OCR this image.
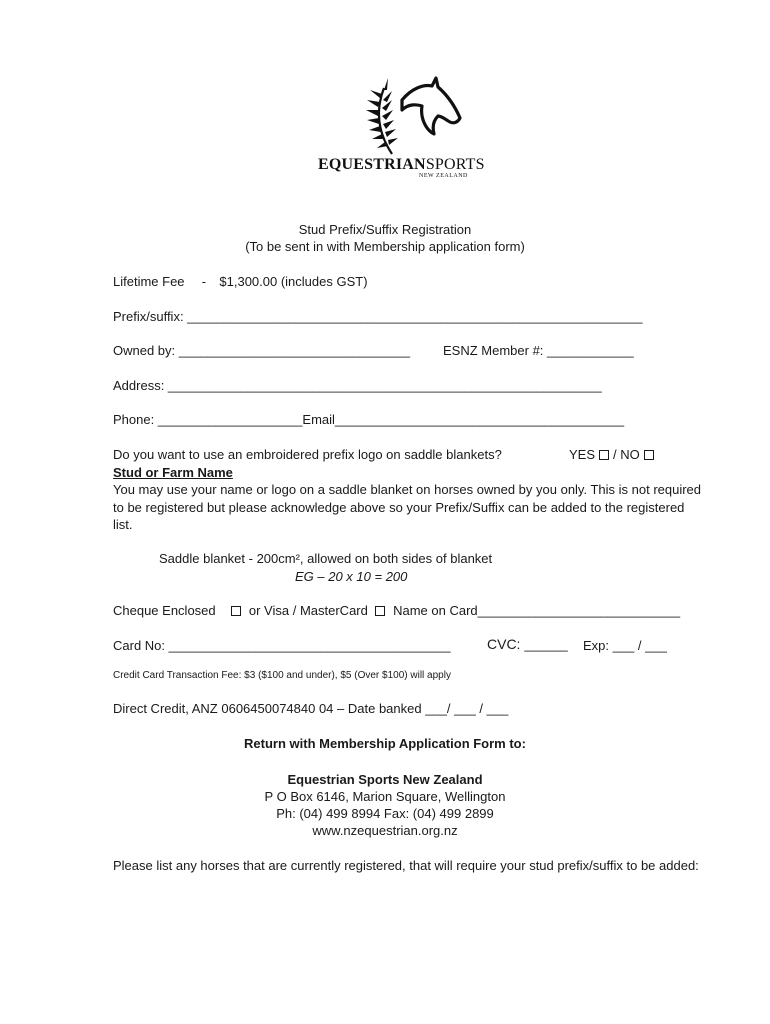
EQUESTRIANSPORTS
NEW ZEALAND
Stud Prefix/Suffix Registration
(To be sent in with Membership application form)
Lifetime Fee - $1,300.00 (includes GST)
Prefix/suffix: _______________________________________________________________
Owned by: ________________________________	ESNZ Member #: ____________
Address: ____________________________________________________________
Phone: ____________________Email________________________________________
Do you want to use an embroidered prefix logo on saddle blankets?	YES / NO
Stud or Farm Name
You may use your name or logo on a saddle blanket on horses owned by you only. This is not required to be registered but please acknowledge above so your Prefix/Suffix can be added to the registered list.
Saddle blanket - 200cm², allowed on both sides of blanket
EG – 20 x 10 = 200
Cheque Enclosed	or Visa / MasterCard Name on Card____________________________
Card No: _______________________________________	CVC: ______ Exp: ___ / ___
Credit Card Transaction Fee: $3 ($100 and under), $5 (Over $100) will apply
Direct Credit, ANZ 0606450074840 04 – Date banked ___/ ___ / ___
Return with Membership Application Form to:
Equestrian Sports New Zealand
P O Box 6146, Marion Square, Wellington
Ph: (04) 499 8994 Fax: (04) 499 2899
www.nzequestrian.org.nz
Please list any horses that are currently registered, that will require your stud prefix/suffix to be added:
